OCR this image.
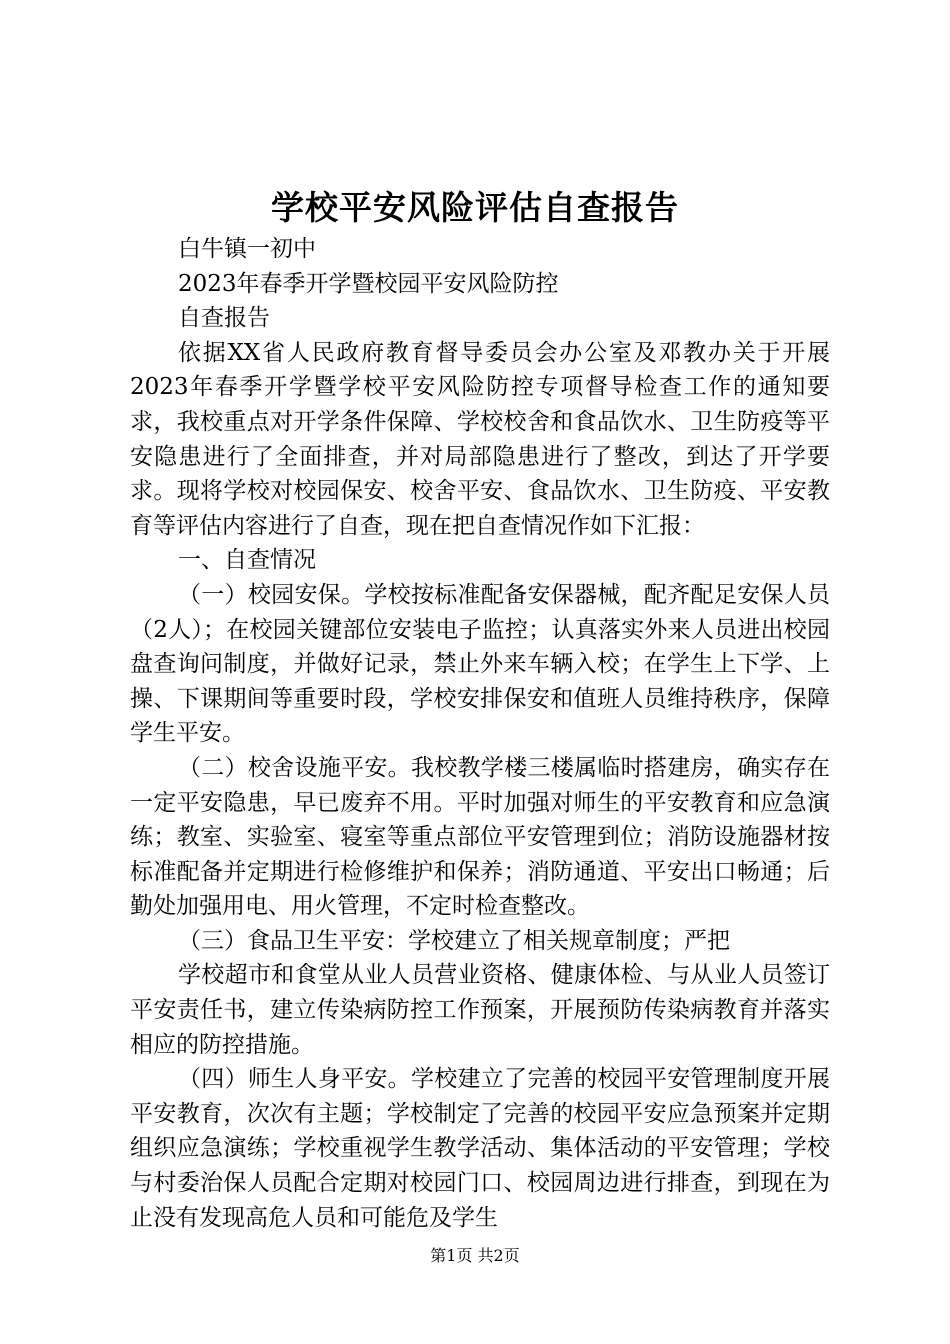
学校平安风险评估自查报告

白牛镇一初中

2023年春季开学暨校园平安风险防控

自查报告

依据XX省人民政府教育督导委员会办公室及邓教办关于开展2023年春季开学暨学校平安风险防控专项督导检查工作的通知要求，我校重点对开学条件保障、学校校舍和食品饮水、卫生防疫等平安隐患进行了全面排查，并对局部隐患进行了整改，到达了开学要求。现将学校对校园保安、校舍平安、食品饮水、卫生防疫、平安教育等评估内容进行了自查，现在把自查情况作如下汇报：

一、自查情况

（一）校园安保。学校按标准配备安保器械，配齐配足安保人员（2人）；在校园关键部位安装电子监控；认真落实外来人员进出校园盘查询问制度，并做好记录，禁止外来车辆入校；在学生上下学、上操、下课期间等重要时段，学校安排保安和值班人员维持秩序，保障学生平安。

（二）校舍设施平安。我校教学楼三楼属临时搭建房，确实存在一定平安隐患，早已废弃不用。平时加强对师生的平安教育和应急演练；教室、实验室、寝室等重点部位平安管理到位；消防设施器材按标准配备并定期进行检修维护和保养；消防通道、平安出口畅通；后勤处加强用电、用火管理，不定时检查整改。

（三）食品卫生平安：学校建立了相关规章制度；严把

学校超市和食堂从业人员营业资格、健康体检、与从业人员签订平安责任书，建立传染病防控工作预案，开展预防传染病教育并落实相应的防控措施。

（四）师生人身平安。学校建立了完善的校园平安管理制度开展平安教育，次次有主题；学校制定了完善的校园平安应急预案并定期组织应急演练；学校重视学生教学活动、集体活动的平安管理；学校与村委治保人员配合定期对校园门口、校园周边进行排查，到现在为止没有发现高危人员和可能危及学生

第1页 共2页
